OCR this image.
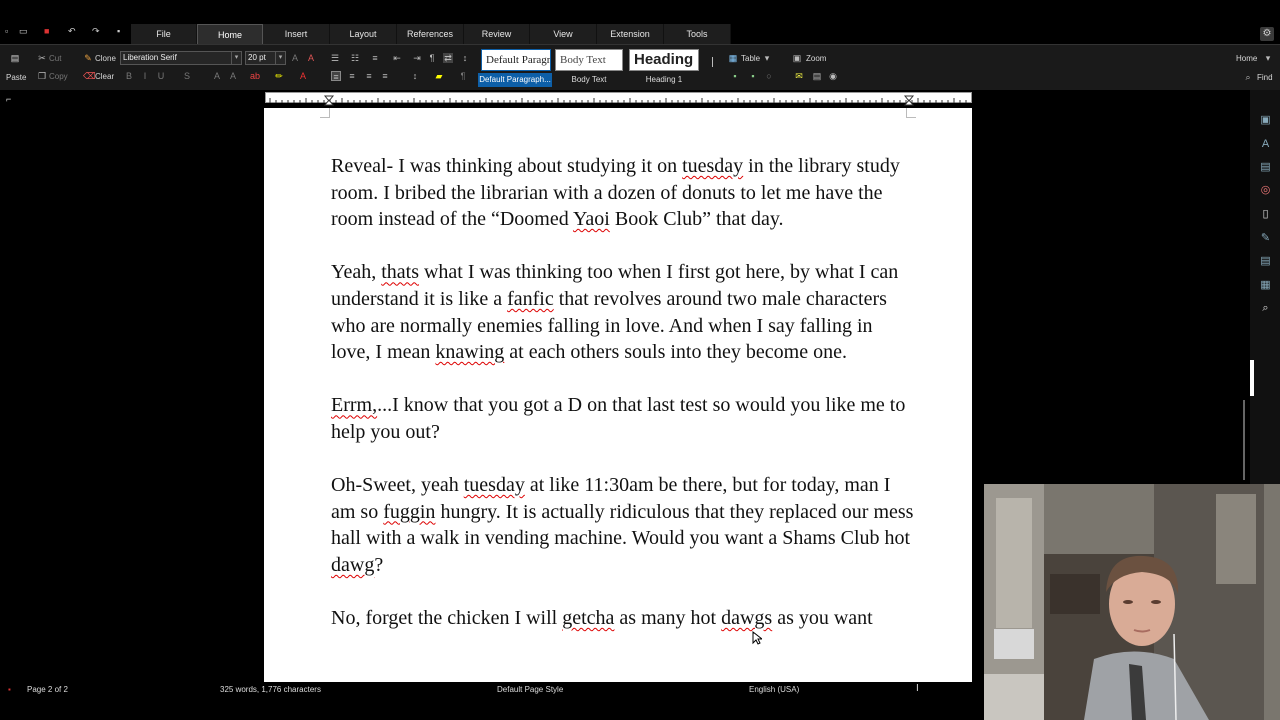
▫	▭ ■	↶ ↷ ▪	File	Home	Insert	Layout	References	Review	View	Extension	Tools	⚙
▤
Paste
✂ Cut
❐ Copy
✎ Clone
⌫ Clear
Liberation Serif	▾	20 pt	▾	A A
B	I	U S	A A ab ✏ A
☰ ☷ ≡ ⇤ ⇥ ¶ ⇄	↕
≡ ≡ ≡ ≡	↕	▰ ¶
Default Paragr Body Text	Heading
Default Paragraph...	Body Text	Heading 1
▦ Table ▾	▣ Zoom
▪	▪	○	✉ ▤ ◉
Home ▾
⌕ Find

Reveal- I was thinking about studying it on tuesday in the library study room. I bribed the librarian with a dozen of donuts to let me have the room instead of the “Doomed Yaoi Book Club” that day.

Yeah, thats what I was thinking too when I first got here, by what I can understand it is like a fanfic that revolves around two male characters who are normally enemies falling in love. And when I say falling in love, I mean knawing at each others souls into they become one.

Errm,...I know that you got a D on that last test so would you like me to help you out?

Oh-Sweet, yeah tuesday at like 11:30am be there, but for today, man I am so fuggin hungry. It is actually ridiculous that they replaced our mess hall with a walk in vending machine. Would you want a Shams Club hot dawg?

No, forget the chicken I will getcha as many hot dawgs as you want

⌐
▣
A
▤
◎
▯
✎
▤
▦
⌕
▪ Page 2 of 2	325 words, 1,776 characters	Default Page Style	English (USA)	I
